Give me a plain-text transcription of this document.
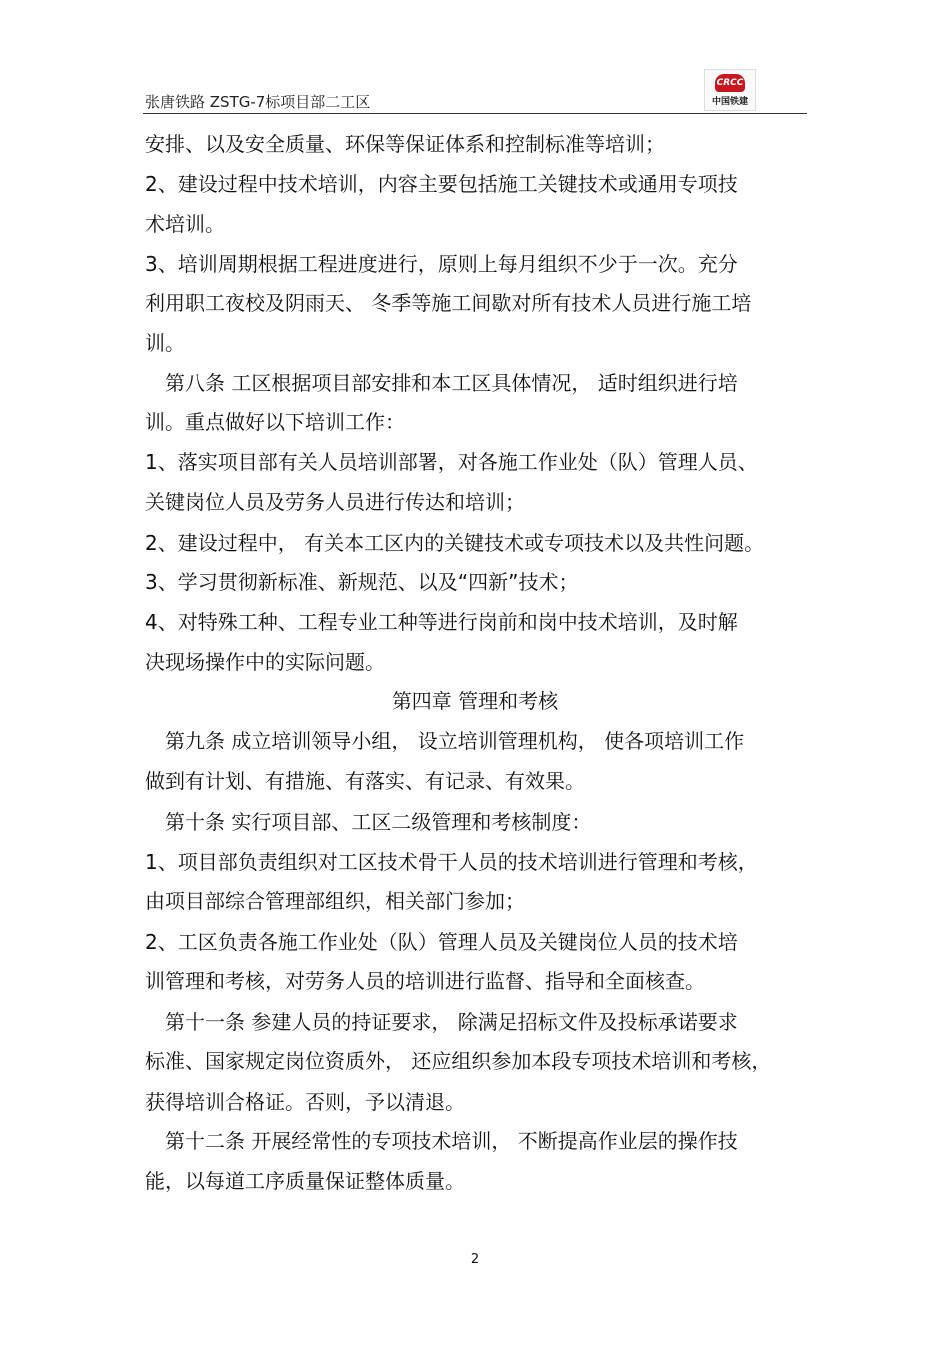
张唐铁路 ZSTG-7标项目部二工区
CRCC
中国铁建
安排、以及安全质量、环保等保证体系和控制标准等培训；
2、建设过程中技术培训，内容主要包括施工关键技术或通用专项技
术培训。
3、培训周期根据工程进度进行，原则上每月组织不少于一次。充分
利用职工夜校及阴雨天、 冬季等施工间歇对所有技术人员进行施工培
训。
第八条 工区根据项目部安排和本工区具体情况， 适时组织进行培
训。重点做好以下培训工作：
1、落实项目部有关人员培训部署，对各施工作业处（队）管理人员、
关键岗位人员及劳务人员进行传达和培训；
2、建设过程中， 有关本工区内的关键技术或专项技术以及共性问题。
3、学习贯彻新标准、新规范、以及“四新”技术；
4、对特殊工种、工程专业工种等进行岗前和岗中技术培训，及时解
决现场操作中的实际问题。
第四章 管理和考核
第九条 成立培训领导小组， 设立培训管理机构， 使各项培训工作
做到有计划、有措施、有落实、有记录、有效果。
第十条 实行项目部、工区二级管理和考核制度：
1、项目部负责组织对工区技术骨干人员的技术培训进行管理和考核，
由项目部综合管理部组织，相关部门参加；
2、工区负责各施工作业处（队）管理人员及关键岗位人员的技术培
训管理和考核，对劳务人员的培训进行监督、指导和全面核查。
第十一条 参建人员的持证要求， 除满足招标文件及投标承诺要求
标准、国家规定岗位资质外， 还应组织参加本段专项技术培训和考核，
获得培训合格证。否则，予以清退。
第十二条 开展经常性的专项技术培训， 不断提高作业层的操作技
能，以每道工序质量保证整体质量。
2
